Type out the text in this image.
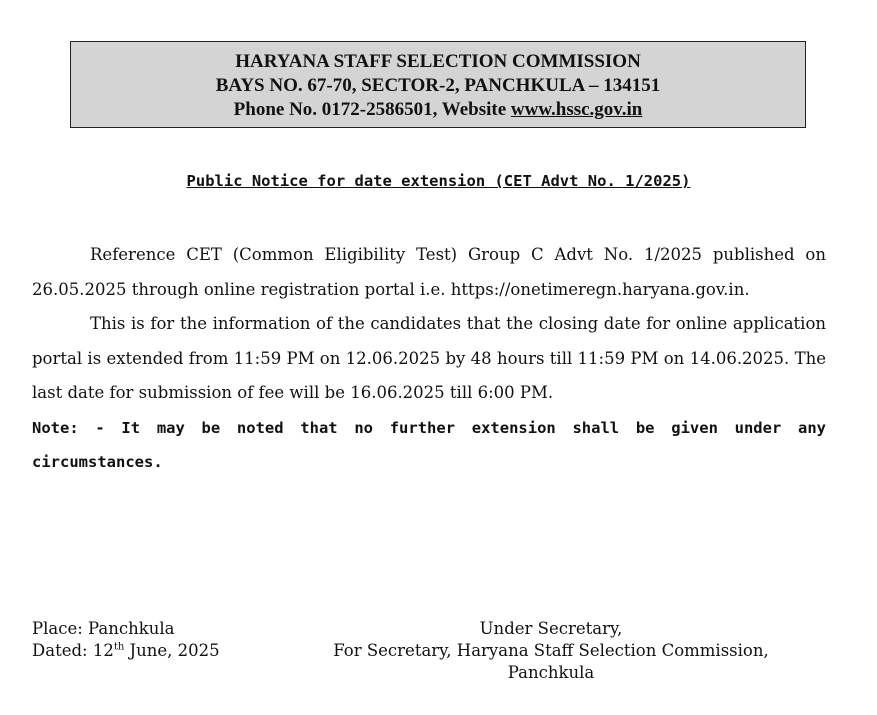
HARYANA STAFF SELECTION COMMISSION
BAYS NO. 67-70, SECTOR-2, PANCHKULA – 134151
Phone No. 0172-2586501, Website www.hssc.gov.in
Public Notice for date extension (CET Advt No. 1/2025)

Reference CET (Common Eligibility Test) Group C Advt No. 1/2025 published on 26.05.2025 through online registration portal i.e. https://onetimeregn.haryana.gov.in.

This is for the information of the candidates that the closing date for online application portal is extended from 11:59 PM on 12.06.2025 by 48 hours till 11:59 PM on 14.06.2025. The last date for submission of fee will be 16.06.2025 till 6:00 PM.

Note: - It may be noted that no further extension shall be given under any circumstances.

Place: Panchkula
Dated: 12th June, 2025
Under Secretary,
For Secretary, Haryana Staff Selection Commission,
Panchkula
